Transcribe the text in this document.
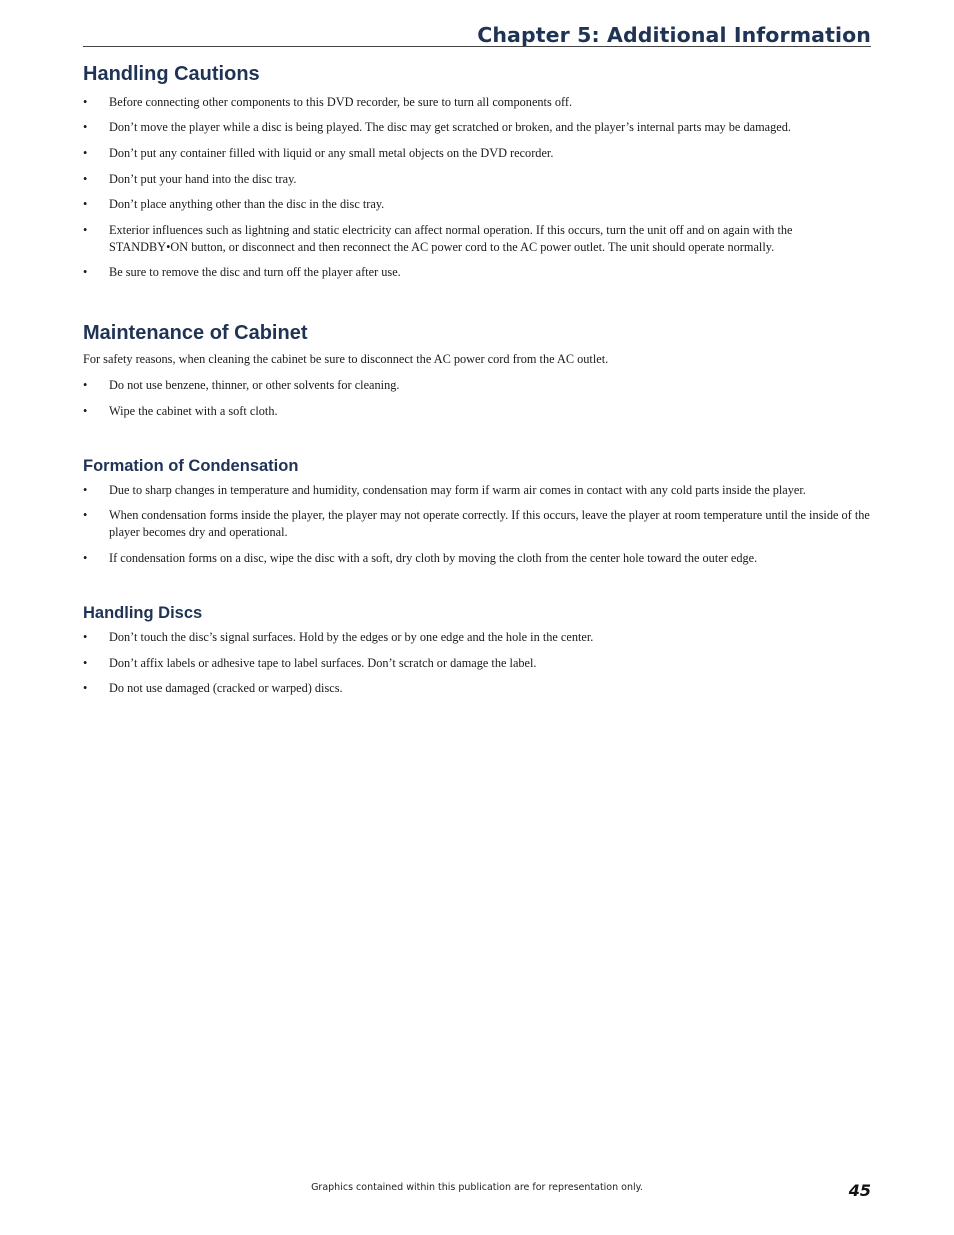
Chapter 5: Additional Information
Handling Cautions
• Before connecting other components to this DVD recorder, be sure to turn all components off.
• Don’t move the player while a disc is being played. The disc may get scratched or broken, and the player’s internal parts may be damaged.
• Don’t put any container filled with liquid or any small metal objects on the DVD recorder.
• Don’t put your hand into the disc tray.
• Don’t place anything other than the disc in the disc tray.
• Exterior influences such as lightning and static electricity can affect normal operation. If this occurs, turn the unit off and on again with the STANDBY•ON button, or disconnect and then reconnect the AC power cord to the AC power outlet. The unit should operate normally.
• Be sure to remove the disc and turn off the player after use.
Maintenance of Cabinet
For safety reasons, when cleaning the cabinet be sure to disconnect the AC power cord from the AC outlet.
• Do not use benzene, thinner, or other solvents for cleaning.
• Wipe the cabinet with a soft cloth.
Formation of Condensation
• Due to sharp changes in temperature and humidity, condensation may form if warm air comes in contact with any cold parts inside the player.
• When condensation forms inside the player, the player may not operate correctly. If this occurs, leave the player at room temperature until the inside of the player becomes dry and operational.
• If condensation forms on a disc, wipe the disc with a soft, dry cloth by moving the cloth from the center hole toward the outer edge.
Handling Discs
• Don’t touch the disc’s signal surfaces. Hold by the edges or by one edge and the hole in the center.
• Don’t affix labels or adhesive tape to label surfaces. Don’t scratch or damage the label.
• Do not use damaged (cracked or warped) discs.
Graphics contained within this publication are for representation only.	45
